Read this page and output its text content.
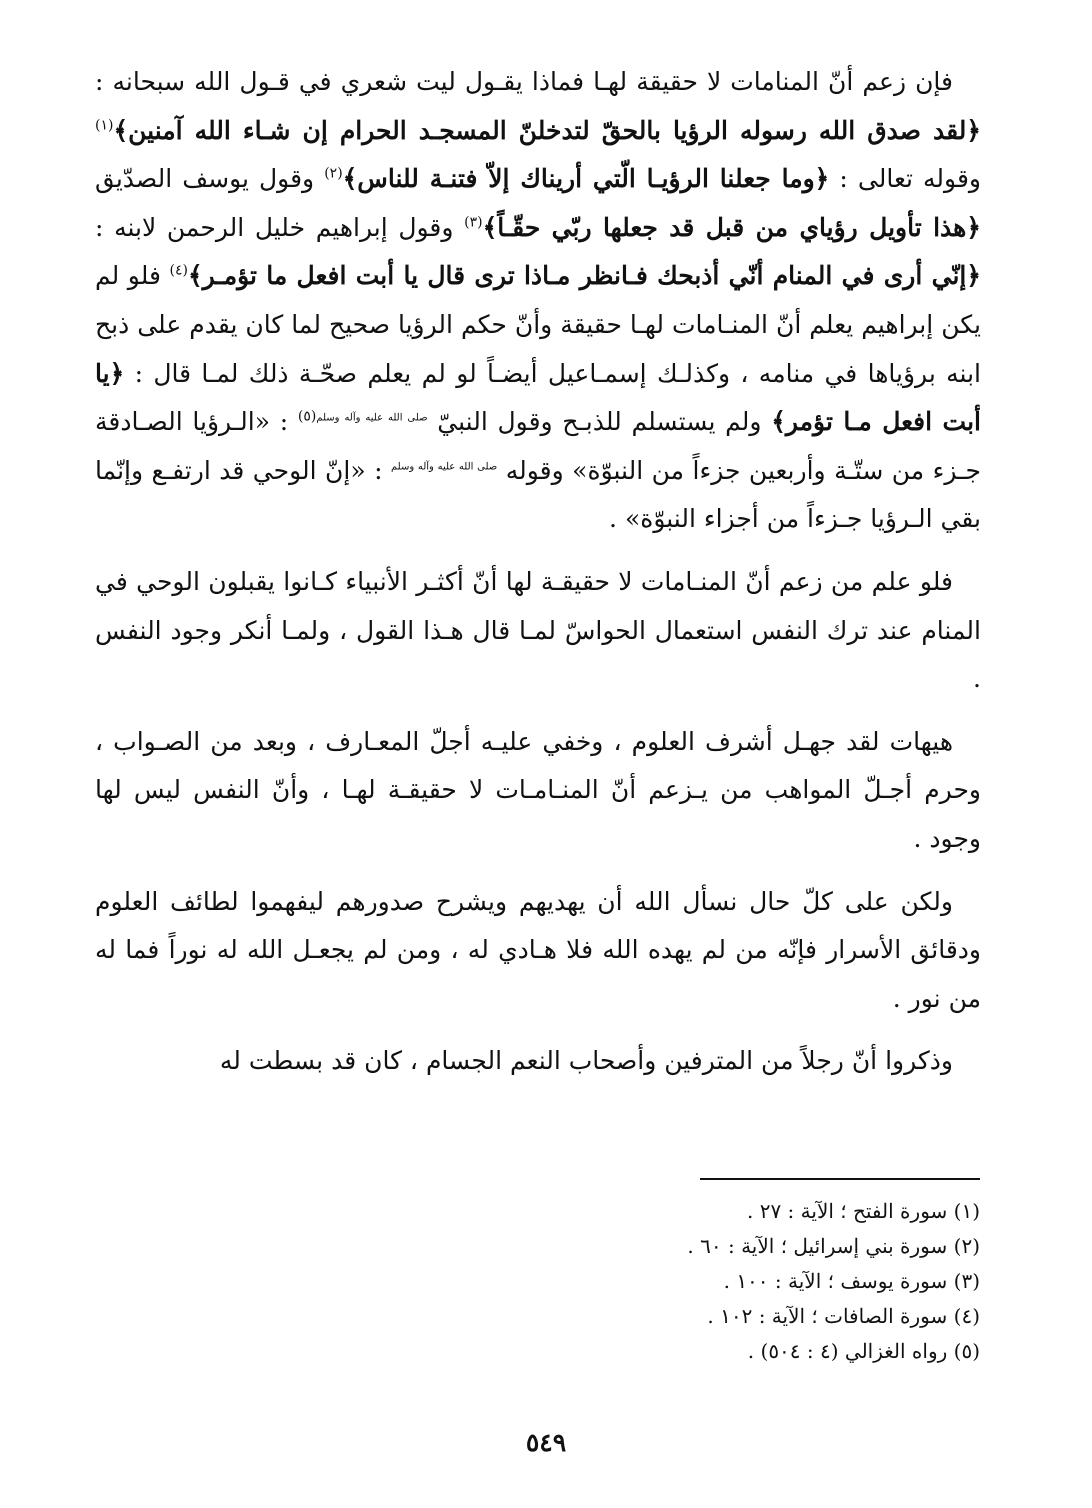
فإن زعم أنّ المنامات لا حقيقة لهـا فماذا يقـول ليت شعري في قـول الله سبحانه : ﴿لقد صدق الله رسوله الرؤيا بالحقّ لتدخلنّ المسجـد الحرام إن شـاء الله آمنين﴾$^{(١)}$ وقوله تعالى : ﴿وما جعلنا الرؤيـا الّتي أريناك إلاّ فتنـة للناس﴾$^{(٢)}$ وقول يوسف الصدّيق ﴿هذا تأويل رؤياي من قبل قد جعلها ربّي حقّـاً﴾$^{(٣)}$ وقول إبراهيم خليل الرحمن لابنه : ﴿إنّي أرى في المنام أنّي أذبحك فـانظر مـاذا ترى قال يا أبت افعل ما تؤمـر﴾$^{(٤)}$ فلو لم يكن إبراهيم يعلم أنّ المنـامات لهـا حقيقة وأنّ حكم الرؤيا صحيح لما كان يقدم على ذبح ابنه برؤياها في منامه ، وكذلـك إسمـاعيل أيضـاً لو لم يعلم صحّـة ذلك لمـا قال : ﴿يا أبت افعل مـا تؤمر﴾ ولم يستسلم للذبـح وقول النبيّ $^{صلى الله عليه وآله وسلم(٥)}$ : «الـرؤيا الصـادقة جـزء من ستّـة وأربعين جزءاً من النبوّة» وقوله $^{صلى الله عليه وآله وسلم}$ : «إنّ الوحي قد ارتفـع وإنّما بقي الـرؤيا جـزءاً من أجزاء النبوّة» .

فلو علم من زعم أنّ المنـامات لا حقيقـة لها أنّ أكثـر الأنبياء كـانوا يقبلون الوحي في المنام عند ترك النفس استعمال الحواسّ لمـا قال هـذا القول ، ولمـا أنكر وجود النفس .

هيهات لقد جهـل أشرف العلوم ، وخفي عليـه أجلّ المعـارف ، وبعد من الصـواب ، وحرم أجـلّ المواهب من يـزعم أنّ المنـامـات لا حقيقـة لهـا ، وأنّ النفس ليس لها وجود .

ولكن على كلّ حال نسأل الله أن يهديهم ويشرح صدورهم ليفهموا لطائف العلوم ودقائق الأسرار فإنّه من لم يهده الله فلا هـادي له ، ومن لم يجعـل الله له نوراً فما له من نور .

وذكروا أنّ رجلاً من المترفين وأصحاب النعم الجسام ، كان قد بسطت له

(١) سورة الفتح ؛ الآية : ٢٧ .
(٢) سورة بني إسرائيل ؛ الآية : ٦٠ .
(٣) سورة يوسف ؛ الآية : ١٠٠ .
(٤) سورة الصافات ؛ الآية : ١٠٢ .
(٥) رواه الغزالي (٤ : ٥٠٤) .
٥٤٩
